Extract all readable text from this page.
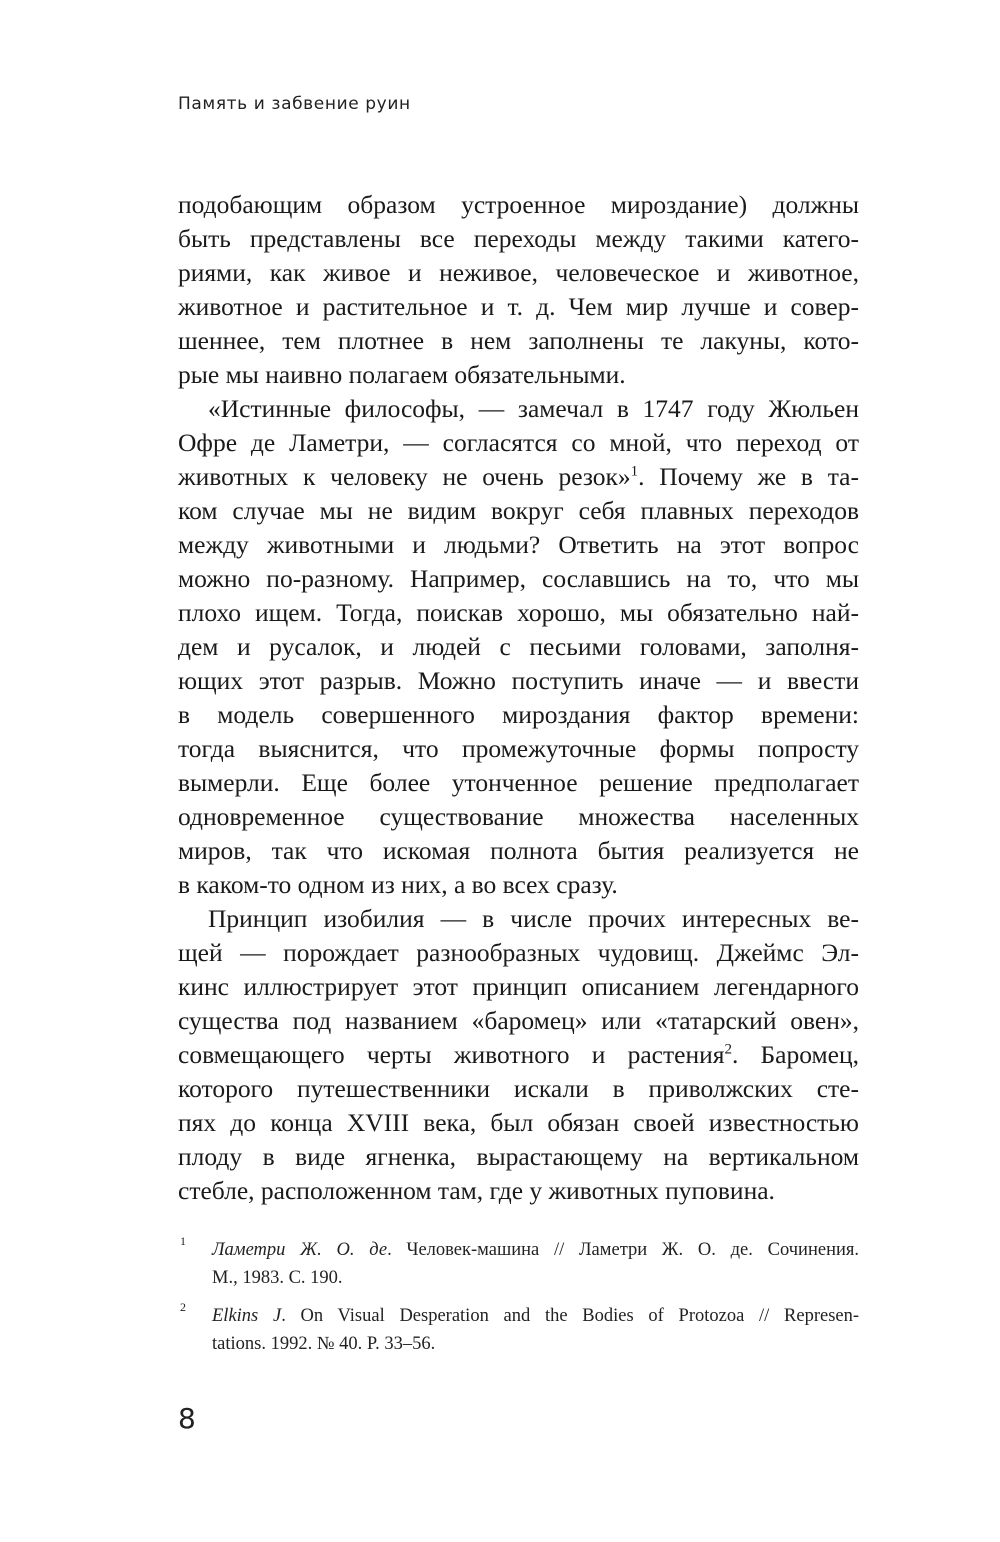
Память и забвение руин
подобающим образом устроенное мироздание) должны
быть представлены все переходы между такими катего-
риями, как живое и неживое, человеческое и животное,
животное и растительное и т. д. Чем мир лучше и совер-
шеннее, тем плотнее в нем заполнены те лакуны, кото-
рые мы наивно полагаем обязательными.
«Истинные философы, — замечал в 1747 году Жюльен
Офре де Ламетри, — согласятся со мной, что переход от
животных к человеку не очень резок»$^1$. Почему же в та-
ком случае мы не видим вокруг себя плавных переходов
между животными и людьми? Ответить на этот вопрос
можно по-разному. Например, сославшись на то, что мы
плохо ищем. Тогда, поискав хорошо, мы обязательно най-
дем и русалок, и людей с песьими головами, заполня-
ющих этот разрыв. Можно поступить иначе — и ввести
в модель совершенного мироздания фактор времени:
тогда выяснится, что промежуточные формы попросту
вымерли. Еще более утонченное решение предполагает
одновременное существование множества населенных
миров, так что искомая полнота бытия реализуется не
в каком-то одном из них, а во всех сразу.
Принцип изобилия — в числе прочих интересных ве-
щей — порождает разнообразных чудовищ. Джеймс Эл-
кинс иллюстрирует этот принцип описанием легендарного
существа под названием «баромец» или «татарский овен»,
совмещающего черты животного и растения$^2$. Баромец,
которого путешественники искали в приволжских сте-
пях до конца XVIII века, был обязан своей известностью
плоду в виде ягненка, вырастающему на вертикальном
стебле, расположенном там, где у животных пуповина.
1 Ламетри Ж. О. де. Человек-машина // Ламетри Ж. О. де. Сочинения.
М., 1983. С. 190.
2 Elkins J. On Visual Desperation and the Bodies of Protozoa // Represen-
tations. 1992. № 40. P. 33–56.
8
